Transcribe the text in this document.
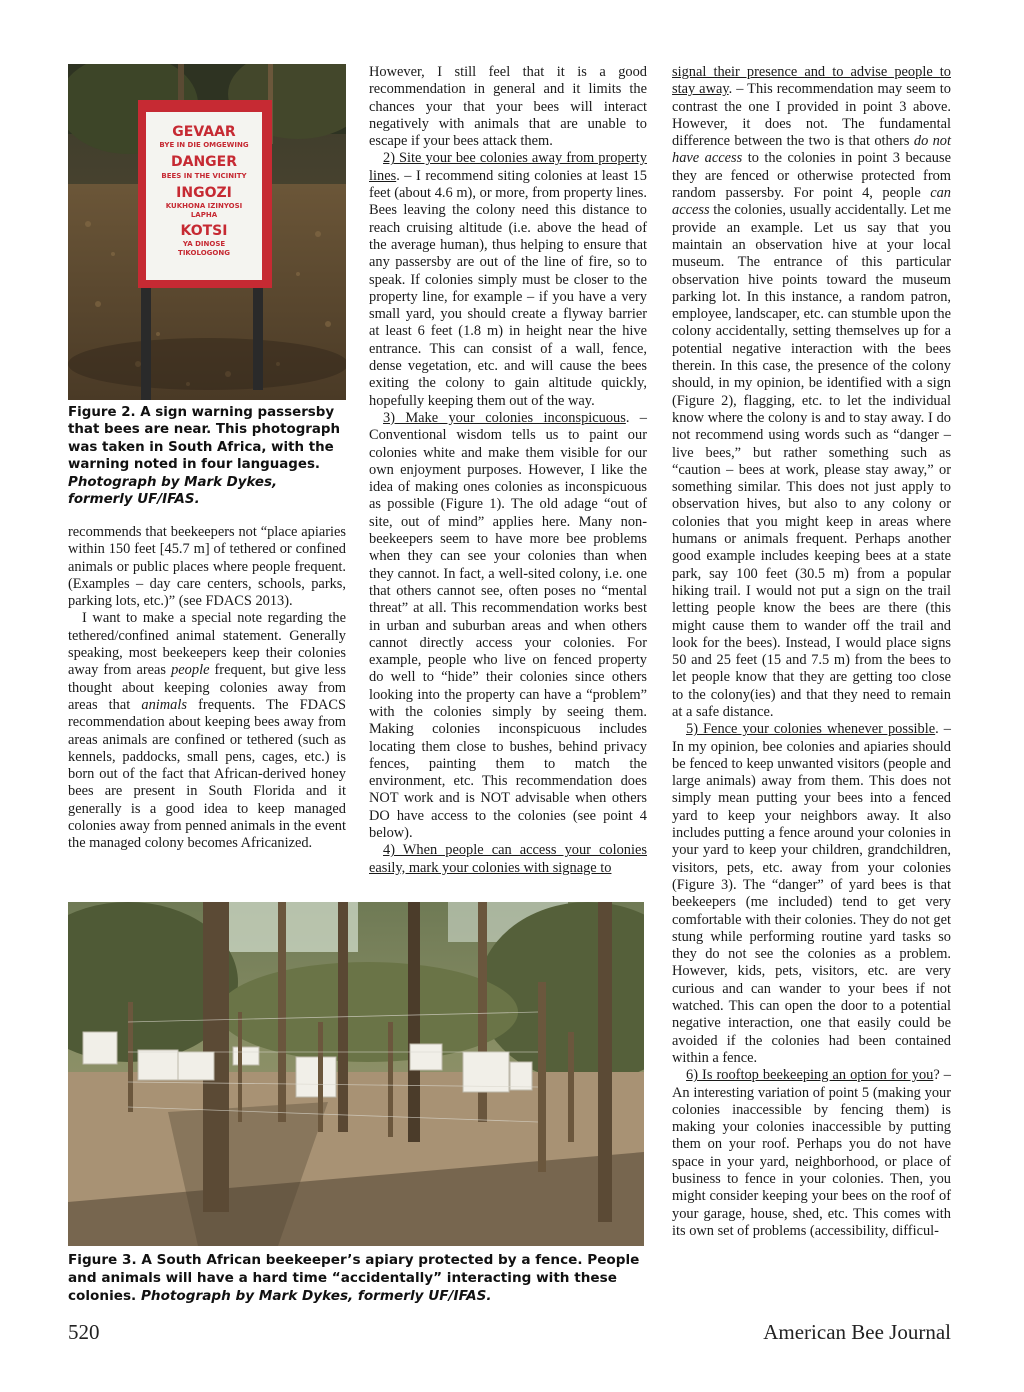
GEVAAR
BYE IN DIE OMGEWING
DANGER
BEES IN THE VICINITY
INGOZI
KUKHONA IZINYOSI
LAPHA
KOTSI
YA DINOSE
TIKOLOGONG
Figure 2. A sign warning passersby that bees are near. This photograph was taken in South Africa, with the warning noted in four languages. Photograph by Mark Dykes, formerly UF/IFAS.

recommends that beekeepers not “place apiaries within 150 feet [45.7 m] of tethered or confined animals or public places where people frequent. (Examples – day care centers, schools, parks, parking lots, etc.)” (see FDACS 2013).

I want to make a special note regarding the tethered/confined animal statement. Generally speaking, most beekeepers keep their colonies away from areas people frequent, but give less thought about keeping colonies away from areas that animals frequents. The FDACS recommendation about keeping bees away from areas animals are confined or tethered (such as kennels, paddocks, small pens, cages, etc.) is born out of the fact that African-derived honey bees are present in South Florida and it generally is a good idea to keep managed colonies away from penned animals in the event the managed colony becomes Africanized.

However, I still feel that it is a good recommendation in general and it limits the chances your that your bees will interact negatively with animals that are unable to escape if your bees attack them.

2) Site your bee colonies away from property lines. – I recommend siting colonies at least 15 feet (about 4.6 m), or more, from property lines. Bees leaving the colony need this distance to reach cruising altitude (i.e. above the head of the average human), thus helping to ensure that any passersby are out of the line of fire, so to speak. If colonies simply must be closer to the property line, for example – if you have a very small yard, you should create a flyway barrier at least 6 feet (1.8 m) in height near the hive entrance. This can consist of a wall, fence, dense vegetation, etc. and will cause the bees exiting the colony to gain altitude quickly, hopefully keeping them out of the way.

3) Make your colonies inconspicuous. – Conventional wisdom tells us to paint our colonies white and make them visible for our own enjoyment purposes. However, I like the idea of making ones colonies as inconspicuous as possible (Figure 1). The old adage “out of site, out of mind” applies here. Many non-beekeepers seem to have more bee problems when they can see your colonies than when they cannot. In fact, a well-sited colony, i.e. one that others cannot see, often poses no “mental threat” at all. This recommendation works best in urban and suburban areas and when others cannot directly access your colonies. For example, people who live on fenced property do well to “hide” their colonies since others looking into the property can have a “problem” with the colonies simply by seeing them. Making colonies inconspicuous includes locating them close to bushes, behind privacy fences, painting them to match the environment, etc. This recommendation does NOT work and is NOT advisable when others DO have access to the colonies (see point 4 below).

4) When people can access your colonies easily, mark your colonies with signage to

signal their presence and to advise people to stay away. – This recommendation may seem to contrast the one I provided in point 3 above. However, it does not. The fundamental difference between the two is that others do not have access to the colonies in point 3 because they are fenced or otherwise protected from random passersby. For point 4, people can access the colonies, usually accidentally. Let me provide an example. Let us say that you maintain an observation hive at your local museum. The entrance of this particular observation hive points toward the museum parking lot. In this instance, a random patron, employee, landscaper, etc. can stumble upon the colony accidentally, setting themselves up for a potential negative interaction with the bees therein. In this case, the presence of the colony should, in my opinion, be identified with a sign (Figure 2), flagging, etc. to let the individual know where the colony is and to stay away. I do not recommend using words such as “danger – live bees,” but rather something such as “caution – bees at work, please stay away,” or something similar. This does not just apply to observation hives, but also to any colony or colonies that you might keep in areas where humans or animals frequent. Perhaps another good example includes keeping bees at a state park, say 100 feet (30.5 m) from a popular hiking trail. I would not put a sign on the trail letting people know the bees are there (this might cause them to wander off the trail and look for the bees). Instead, I would place signs 50 and 25 feet (15 and 7.5 m) from the bees to let people know that they are getting too close to the colony(ies) and that they need to remain at a safe distance.

5) Fence your colonies whenever possible. – In my opinion, bee colonies and apiaries should be fenced to keep unwanted visitors (people and large animals) away from them. This does not simply mean putting your bees into a fenced yard to keep your neighbors away. It also includes putting a fence around your colonies in your yard to keep your children, grandchildren, visitors, pets, etc. away from your colonies (Figure 3). The “danger” of yard bees is that beekeepers (me included) tend to get very comfortable with their colonies. They do not get stung while performing routine yard tasks so they do not see the colonies as a problem. However, kids, pets, visitors, etc. are very curious and can wander to your bees if not watched. This can open the door to a potential negative interaction, one that easily could be avoided if the colonies had been contained within a fence.

6) Is rooftop beekeeping an option for you? – An interesting variation of point 5 (making your colonies inaccessible by fencing them) is making your colonies inaccessible by putting them on your roof. Perhaps you do not have space in your yard, neighborhood, or place of business to fence in your colonies. Then, you might consider keeping your bees on the roof of your garage, house, shed, etc. This comes with its own set of problems (accessibility, difficul-

Figure 3. A South African beekeeper’s apiary protected by a fence. People and animals will have a hard time “accidentally” interacting with these colonies. Photograph by Mark Dykes, formerly UF/IFAS.
520	American Bee Journal
